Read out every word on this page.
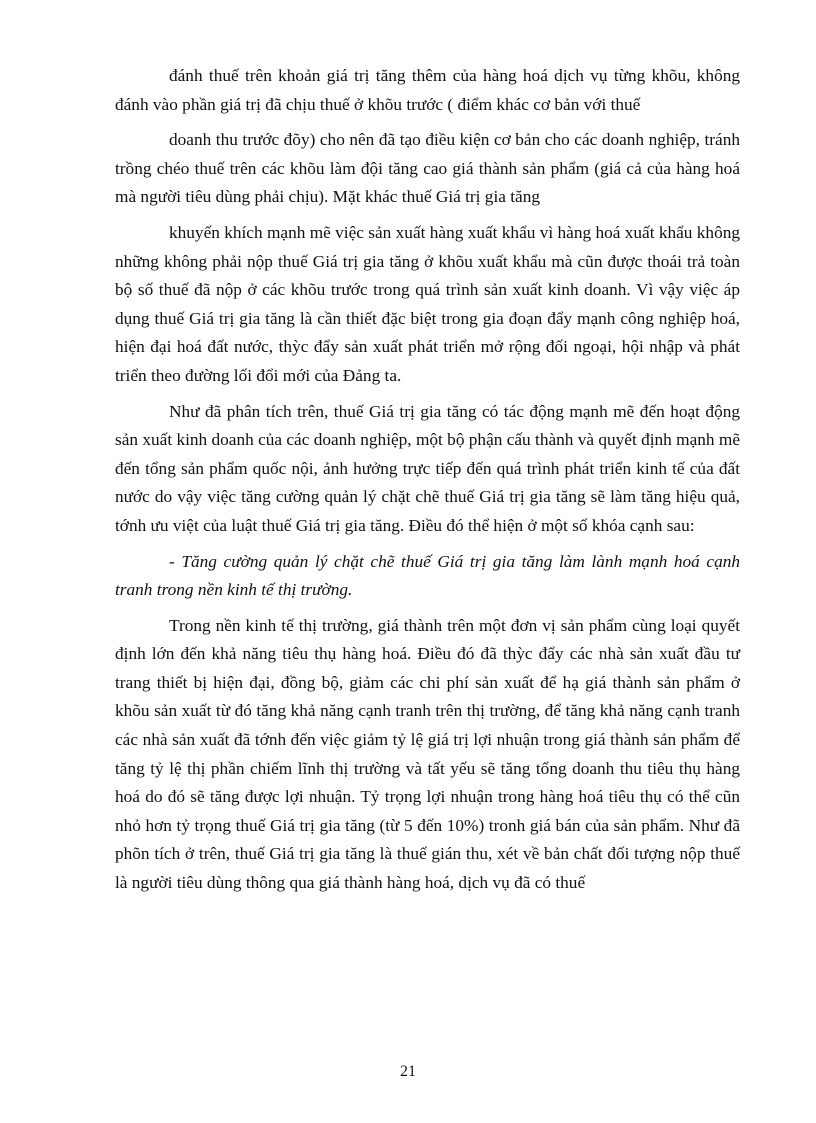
đánh thuế trên khoản giá trị tăng thêm của hàng hoá dịch vụ từng khõu, không đánh vào phần giá trị đã chịu thuế ở khõu trước ( điểm khác cơ bản với thuế

doanh thu trước đõy) cho nên đã tạo điều kiện cơ bản cho các doanh nghiệp, tránh trồng chéo thuế trên các khõu làm đội tăng cao giá thành sản phẩm (giá cả của hàng hoá mà người tiêu dùng phải chịu). Mặt khác thuế Giá trị gia tăng

khuyến khích mạnh mẽ việc sản xuất hàng xuất khẩu vì hàng hoá xuất khẩu không những không phải nộp thuế Giá trị gia tăng ở khõu xuất khẩu mà cũn được thoái trả toàn bộ số thuế đã nộp ở các khõu trước trong quá trình sản xuất kinh doanh. Vì vậy việc áp dụng thuế Giá trị gia tăng là cần thiết đặc biệt trong gia đoạn đẩy mạnh công nghiệp hoá, hiện đại hoá đất nước, thỳc đẩy sản xuất phát triển mở rộng đối ngoại, hội nhập và phát triển theo đường lối đổi mới của Đảng ta.

Như đã phân tích trên, thuế Giá trị gia tăng có tác động mạnh mẽ đến hoạt động sản xuất kinh doanh của các doanh nghiệp, một bộ phận cấu thành và quyết định mạnh mẽ đến tổng sản phẩm quốc nội, ảnh hưởng trực tiếp đến quá trình phát triển kinh tế của đất nước do vậy việc tăng cường quản lý chặt chẽ thuế Giá trị gia tăng sẽ làm tăng hiệu quả, tớnh ưu việt của luật thuế Giá trị gia tăng. Điều đó thể hiện ở một số khóa cạnh sau:

- Tăng cường quản lý chặt chẽ thuế Giá trị gia tăng làm lành mạnh hoá cạnh tranh trong nền kinh tế thị trường.

Trong nền kinh tế thị trường, giá thành trên một đơn vị sản phẩm cùng loại quyết định lớn đến khả năng tiêu thụ hàng hoá. Điều đó đã thỳc đẩy các nhà sản xuất đầu tư trang thiết bị hiện đại, đồng bộ, giảm các chi phí sản xuất để hạ giá thành sản phẩm ở khõu sản xuất từ đó tăng khả năng cạnh tranh trên thị trường, để tăng khả năng cạnh tranh các nhà sản xuất đã tớnh đến việc giảm tỷ lệ giá trị lợi nhuận trong giá thành sản phẩm để tăng tỷ lệ thị phần chiếm lĩnh thị trường và tất yếu sẽ tăng tổng doanh thu tiêu thụ hàng hoá do đó sẽ tăng được lợi nhuận. Tỷ trọng lợi nhuận trong hàng hoá tiêu thụ có thể cũn nhỏ hơn tỷ trọng thuế Giá trị gia tăng (từ 5 đến 10%) tronh giá bán của sản phẩm. Như đã phõn tích ở trên, thuế Giá trị gia tăng là thuế gián thu, xét về bản chất đối tượng nộp thuế là người tiêu dùng thông qua giá thành hàng hoá, dịch vụ đã có thuế

21
